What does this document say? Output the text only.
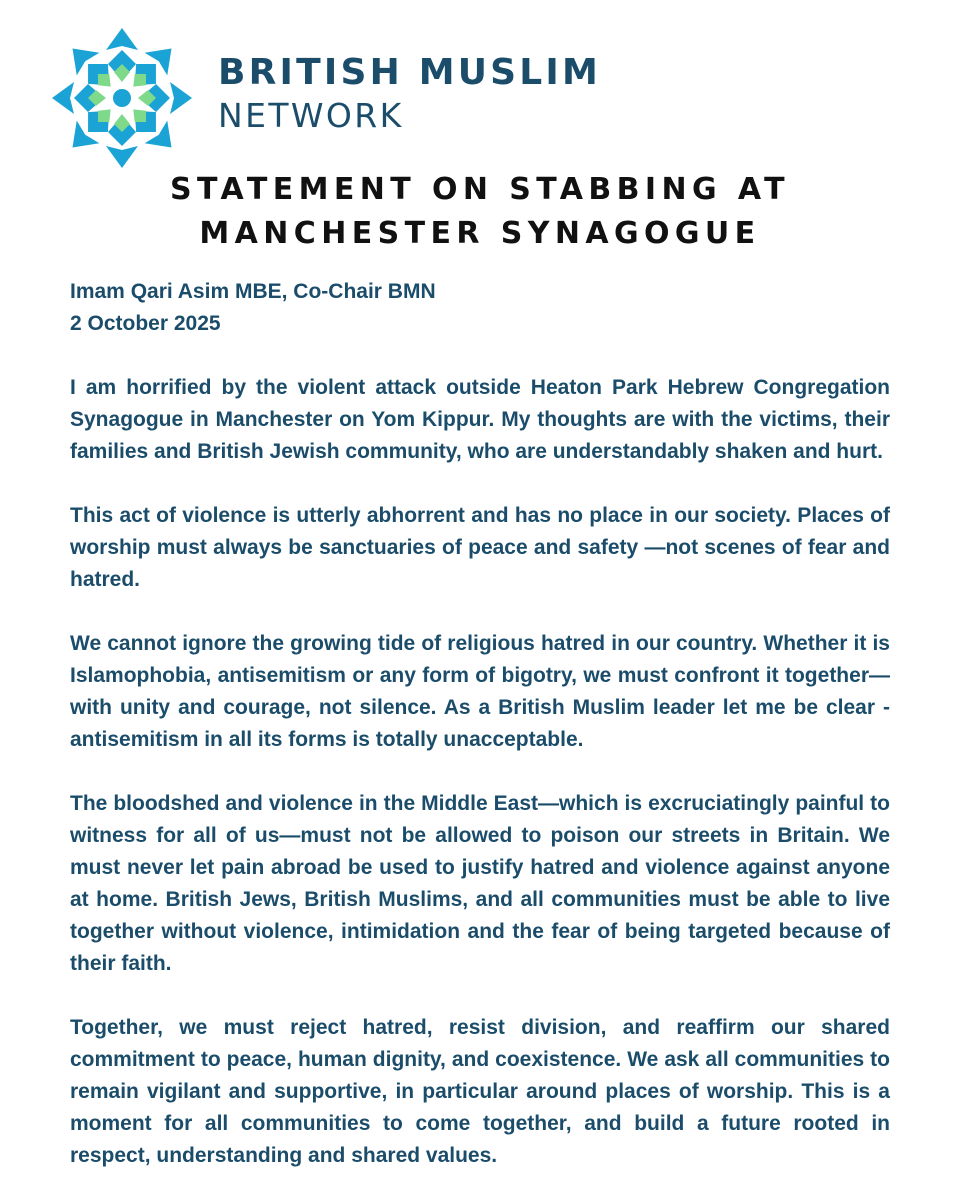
BRITISH MUSLIM
NETWORK
STATEMENT ON STABBING AT
MANCHESTER SYNAGOGUE
Imam Qari Asim MBE, Co-Chair BMN
2 October 2025

I am horrified by the violent attack outside Heaton Park Hebrew Congregation Synagogue in Manchester on Yom Kippur. My thoughts are with the victims, their families and British Jewish community, who are understandably shaken and hurt.

This act of violence is utterly abhorrent and has no place in our society. Places of worship must always be sanctuaries of peace and safety —not scenes of fear and hatred.

We cannot ignore the growing tide of religious hatred in our country. Whether it is Islamophobia, antisemitism or any form of bigotry, we must confront it together—with unity and courage, not silence. As a British Muslim leader let me be clear - antisemitism in all its forms is totally unacceptable.

The bloodshed and violence in the Middle East—which is excruciatingly painful to witness for all of us—must not be allowed to poison our streets in Britain. We must never let pain abroad be used to justify hatred and violence against anyone at home. British Jews, British Muslims, and all communities must be able to live together without violence, intimidation and the fear of being targeted because of their faith.

Together, we must reject hatred, resist division, and reaffirm our shared commitment to peace, human dignity, and coexistence. We ask all communities to remain vigilant and supportive, in particular around places of worship. This is a moment for all communities to come together, and build a future rooted in respect, understanding and shared values.
